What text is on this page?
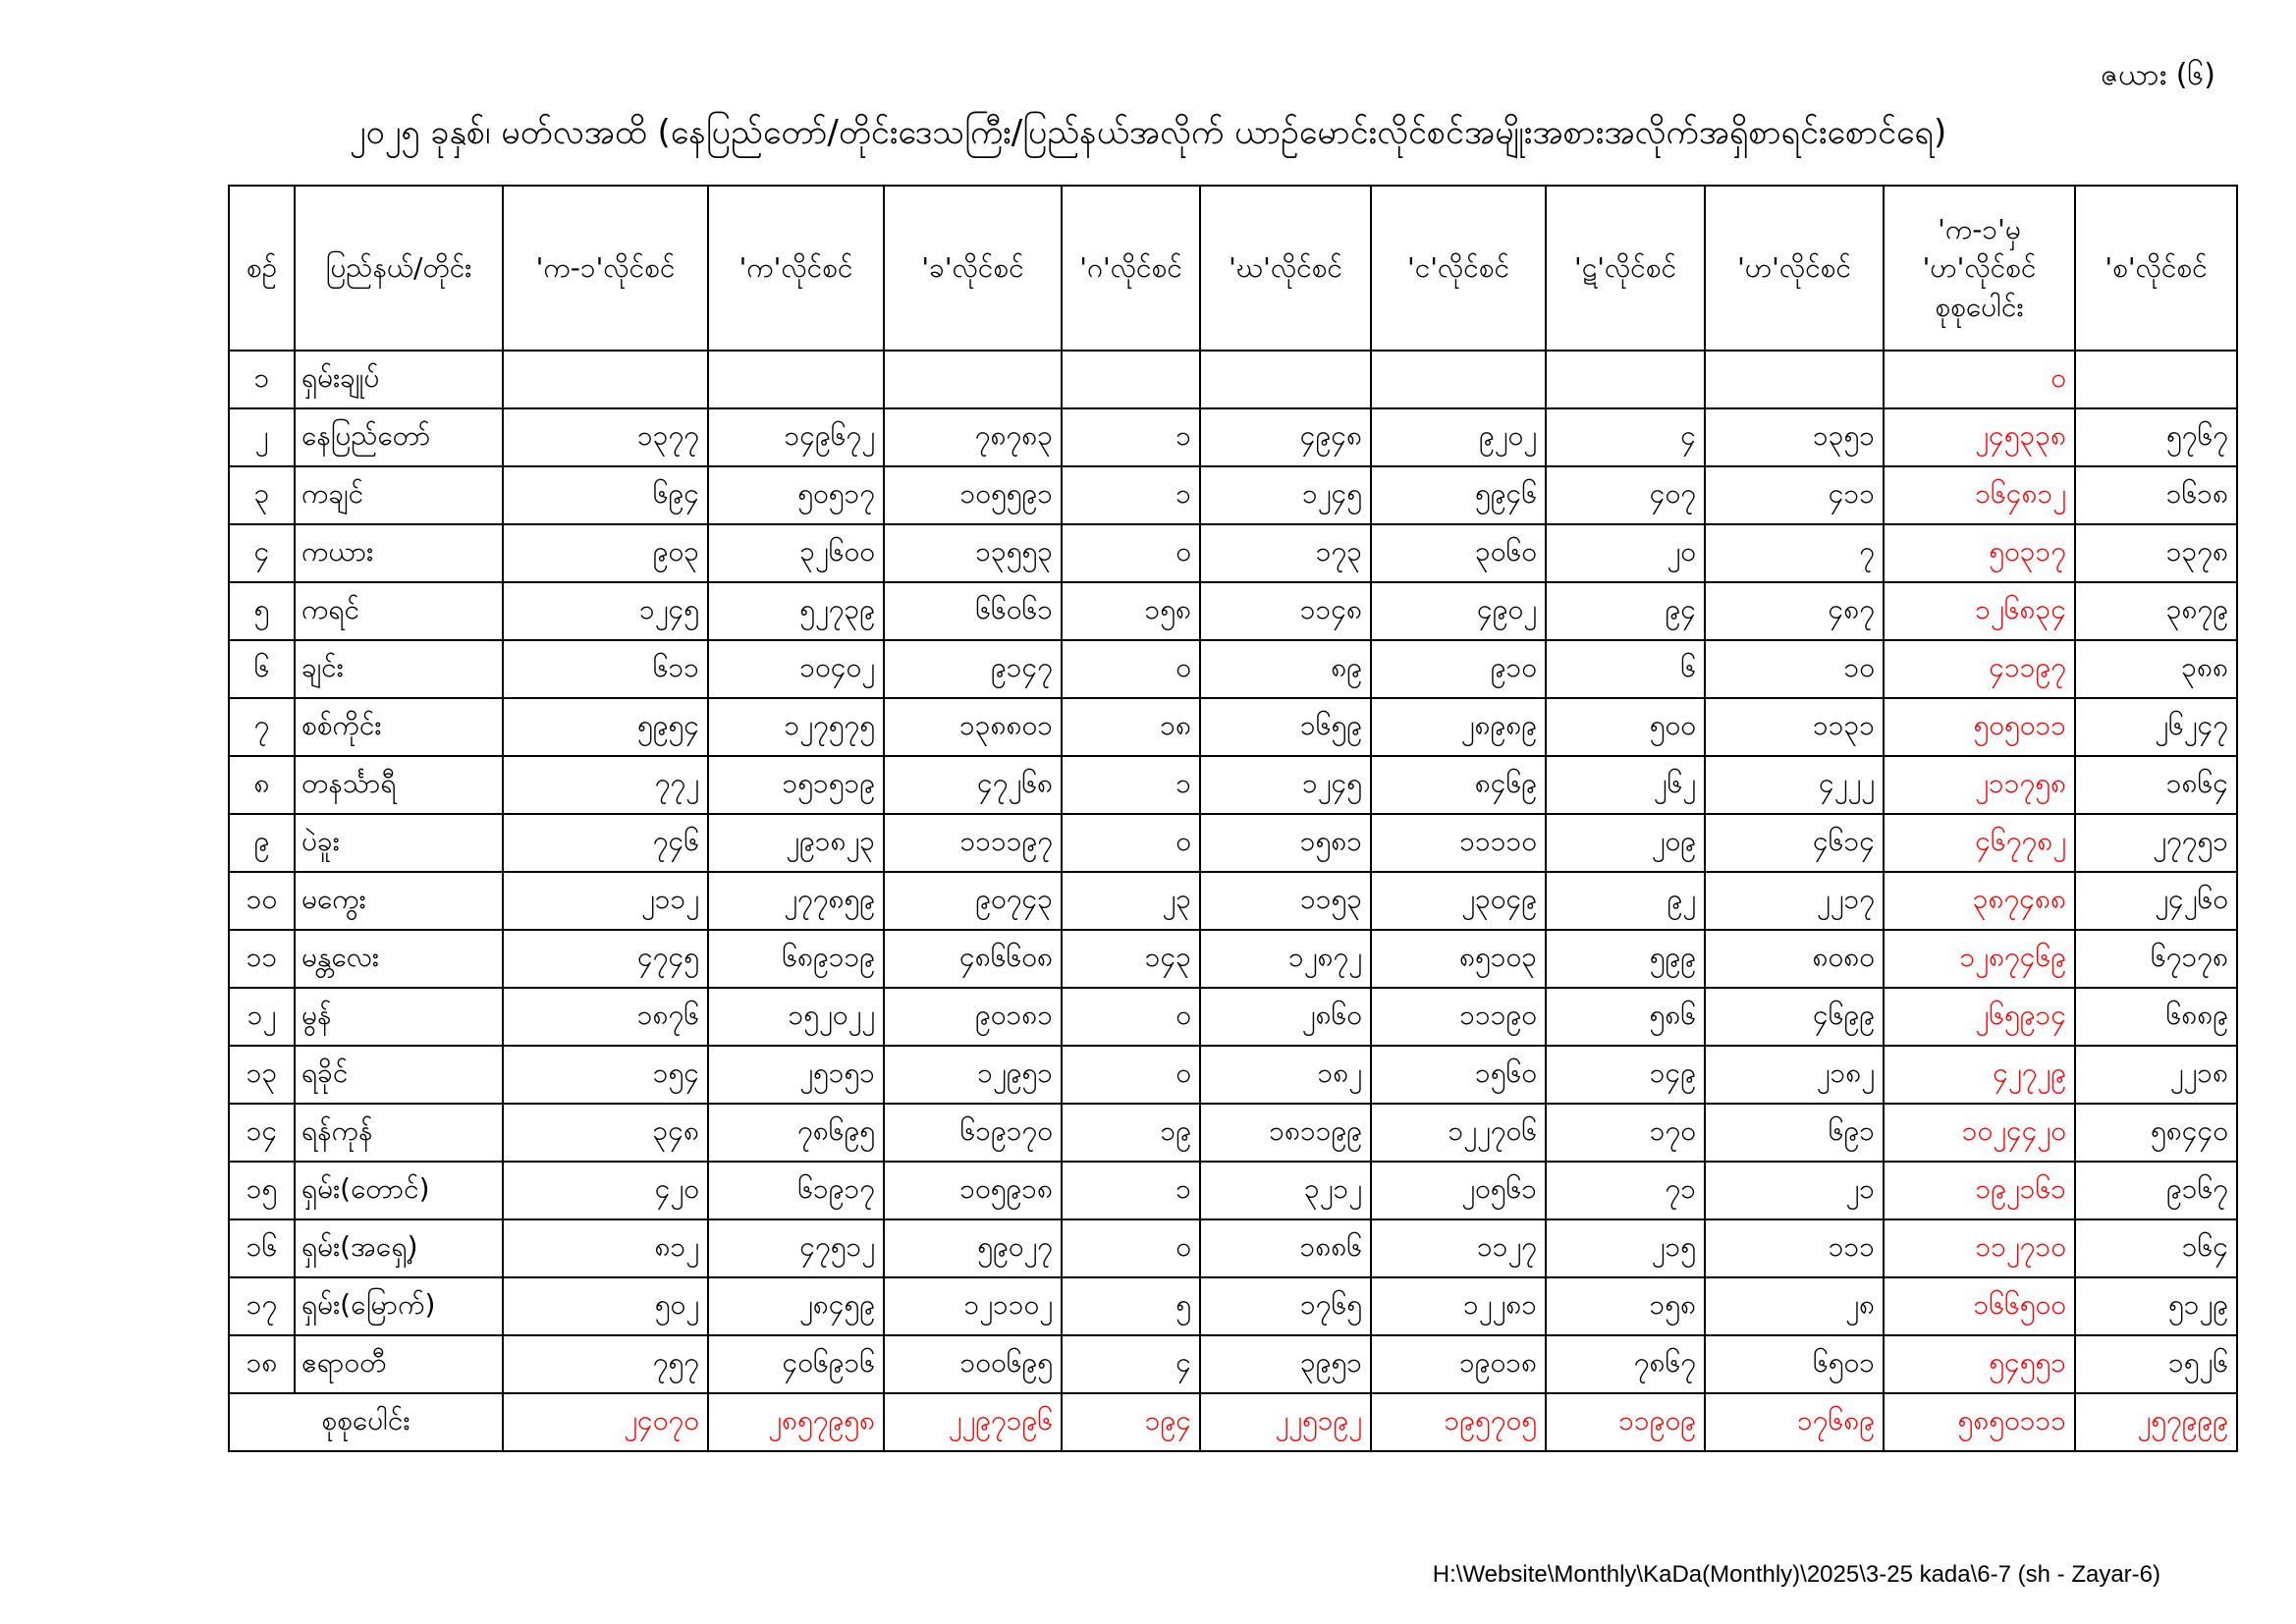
ဇယား (၆)
၂၀၂၅ ခုနှစ်၊ မတ်လအထိ (နေပြည်တော်/တိုင်းဒေသကြီး/ပြည်နယ်အလိုက် ယာဉ်မောင်းလိုင်စင်အမျိုးအစားအလိုက်အရှိစာရင်းစောင်ရေ)
စဉ်	ပြည်နယ်/တိုင်း	'က-၁'လိုင်စင်	'က'လိုင်စင်	'ခ'လိုင်စင်	'ဂ'လိုင်စင်	'ဃ'လိုင်စင်	'င'လိုင်စင်	'ဋ'လိုင်စင်	'ဟ'လိုင်စင်	'က-၁'မှ 'ဟ'လိုင်စင် စုစုပေါင်း	'စ'လိုင်စင်
၁	ရှမ်းချုပ်									၀	
၂	နေပြည်တော်	၁၃၇၇	၁၄၉၆၇၂	၇၈၇၈၃	၁	၄၉၄၈	၉၂၀၂	၄	၁၃၅၁	၂၄၅၃၃၈	၅၇၆၇
၃	ကချင်	၆၉၄	၅၀၅၁၇	၁၀၅၅၉၁	၁	၁၂၄၅	၅၉၄၆	၄၀၇	၄၁၁	၁၆၄၈၁၂	၁၆၁၈
၄	ကယား	၉၀၃	၃၂၆၀၀	၁၃၅၅၃	၀	၁၇၃	၃၀၆၀	၂၀	၇	၅၀၃၁၇	၁၃၇၈
၅	ကရင်	၁၂၄၅	၅၂၇၃၉	၆၆၀၆၁	၁၅၈	၁၁၄၈	၄၉၀၂	၉၄	၄၈၇	၁၂၆၈၃၄	၃၈၇၉
၆	ချင်း	၆၁၁	၁၀၄၀၂	၉၁၄၇	၀	၈၉	၉၁၀	၆	၁၀	၄၁၁၉၇	၃၈၈
၇	စစ်ကိုင်း	၅၉၅၄	၁၂၇၅၇၅	၁၃၈၈၀၁	၁၈	၁၆၅၉	၂၈၉၈၉	၅၀၀	၁၁၃၁	၅၀၅၀၁၁	၂၆၂၄၇
၈	တနင်္သာရီ	၇၇၂	၁၅၁၅၁၉	၄၇၂၆၈	၁	၁၂၄၅	၈၄၆၉	၂၆၂	၄၂၂၂	၂၁၁၇၅၈	၁၈၆၄
၉	ပဲခူး	၇၄၆	၂၉၁၈၂၃	၁၁၁၁၉၇	၀	၁၅၈၁	၁၁၁၁၀	၂၀၉	၄၆၁၄	၄၆၇၇၈၂	၂၇၇၅၁
၁၀	မကွေး	၂၁၁၂	၂၇၇၈၅၉	၉၀၇၄၃	၂၃	၁၁၅၃	၂၃၀၄၉	၉၂	၂၂၁၇	၃၈၇၄၈၈	၂၄၂၆၀
၁၁	မန္တလေး	၄၇၄၅	၆၈၉၁၁၉	၄၈၆၆၀၈	၁၄၃	၁၂၈၇၂	၈၅၁၀၃	၅၉၉	၈၀၈၀	၁၂၈၇၄၆၉	၆၇၁၇၈
၁၂	မွန်	၁၈၇၆	၁၅၂၀၂၂	၉၀၁၈၁	၀	၂၈၆၀	၁၁၁၉၀	၅၈၆	၄၆၉၉	၂၆၅၉၁၄	၆၈၈၉
၁၃	ရခိုင်	၁၅၄	၂၅၁၅၁	၁၂၉၅၁	၀	၁၈၂	၁၅၆၀	၁၄၉	၂၁၈၂	၄၂၇၂၉	၂၂၁၈
၁၄	ရန်ကုန်	၃၄၈	၇၈၆၉၅	၆၁၉၁၇၀	၁၉	၁၈၁၁၉၉	၁၂၂၇၀၆	၁၇၀	၆၉၁	၁၀၂၄၄၂၀	၅၈၄၄၀
၁၅	ရှမ်း(တောင်)	၄၂၀	၆၁၉၁၇	၁၀၅၉၁၈	၁	၃၂၁၂	၂၀၅၆၁	၇၁	၂၁	၁၉၂၁၆၁	၉၁၆၇
၁၆	ရှမ်း(အရှေ့)	၈၁၂	၄၇၅၁၂	၅၉၀၂၇	၀	၁၈၈၆	၁၁၂၇	၂၁၅	၁၁၁	၁၁၂၇၁၀	၁၆၄
၁၇	ရှမ်း(မြောက်)	၅၀၂	၂၈၄၅၉	၁၂၁၁၀၂	၅	၁၇၆၅	၁၂၂၈၁	၁၅၈	၂၈	၁၆၆၅၀၀	၅၁၂၉
၁၈	ဧရာဝတီ	၇၅၇	၄၀၆၉၁၆	၁၀၀၆၉၅	၄	၃၉၅၁	၁၉၀၁၈	၇၈၆၇	၆၅၀၁	၅၄၅၅၁	၁၅၂၆
စုစုပေါင်း		၂၄၀၇၀	၂၈၅၇၉၅၈	၂၂၉၇၁၉၆	၁၉၄	၂၂၅၁၉၂	၁၉၅၇၀၅	၁၁၉၀၉	၁၇၆၈၉	၅၈၅၀၁၁၁	၂၅၇၉၉၉
H:\Website\Monthly\KaDa(Monthly)\2025\3-25 kada\6-7 (sh - Zayar-6)
